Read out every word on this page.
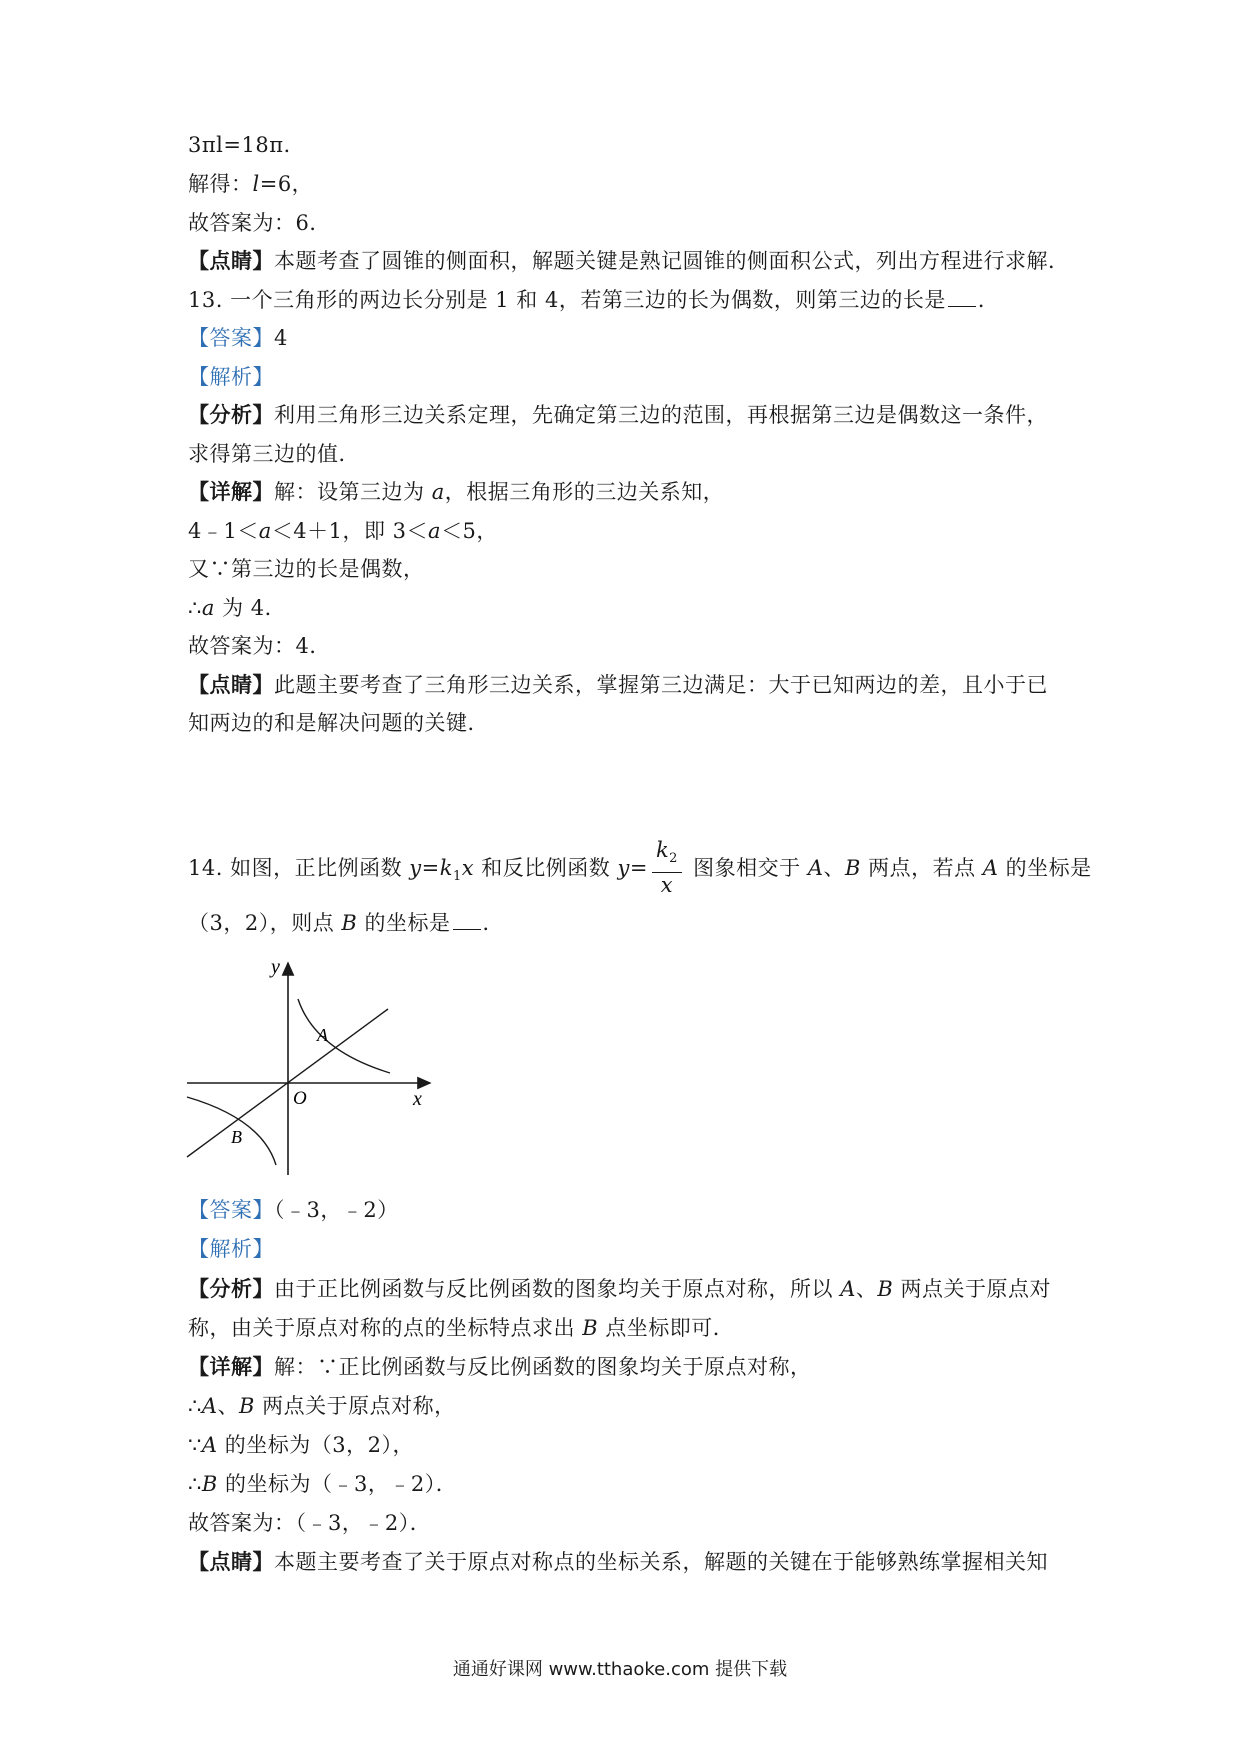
3πl=18π.
解得：l=6，
故答案为：6．
【点睛】本题考查了圆锥的侧面积，解题关键是熟记圆锥的侧面积公式，列出方程进行求解．
13. 一个三角形的两边长分别是 1 和 4，若第三边的长为偶数，则第三边的长是 ．
【答案】4
【解析】
【分析】利用三角形三边关系定理，先确定第三边的范围，再根据第三边是偶数这一条件，
求得第三边的值．
【详解】解：设第三边为 a，根据三角形的三边关系知，
4﹣1＜a＜4＋1，即 3＜a＜5，
又∵第三边的长是偶数，
∴a 为 4．
故答案为：4．
【点睛】此题主要考查了三角形三边关系，掌握第三边满足：大于已知两边的差，且小于已
知两边的和是解决问题的关键．
14. 如图，正比例函数 $y=k_1x$ 和反比例函数 $y= \frac{k_2}{x}$ 图象相交于 A、B 两点，若点 A 的坐标是
（3，2），则点 B 的坐标是 ．
y
x
O
A
B
【答案】（﹣3，﹣2）
【解析】
【分析】由于正比例函数与反比例函数的图象均关于原点对称，所以 A、B 两点关于原点对
称，由关于原点对称的点的坐标特点求出 B 点坐标即可．
【详解】解：∵正比例函数与反比例函数的图象均关于原点对称，
∴A、B 两点关于原点对称，
∵A 的坐标为（3，2），
∴B 的坐标为（﹣3，﹣2）．
故答案为：（﹣3，﹣2）．
【点睛】本题主要考查了关于原点对称点的坐标关系，解题的关键在于能够熟练掌握相关知
通通好课网 www.tthaoke.com 提供下载
